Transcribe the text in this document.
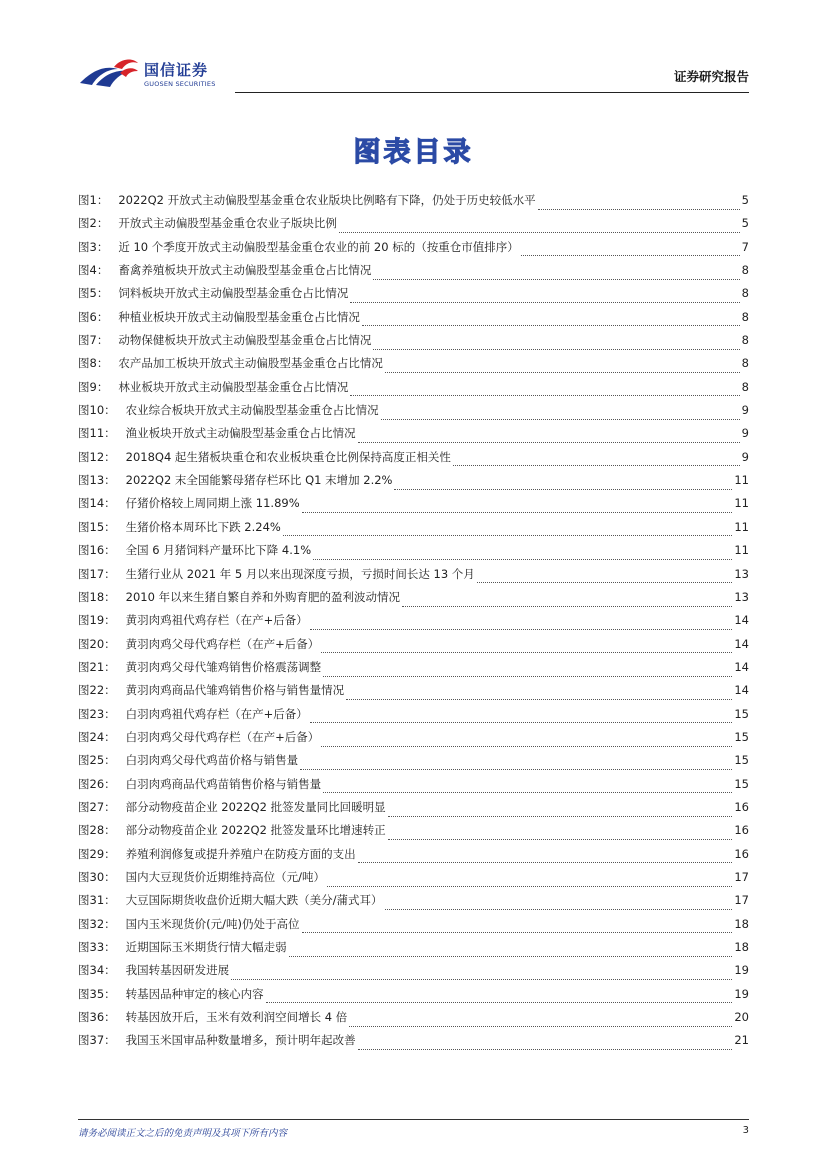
国信证券
GUOSEN SECURITIES	证券研究报告
图表目录
图1： 2022Q2 开放式主动偏股型基金重仓农业版块比例略有下降，仍处于历史较低水平	5
图2： 开放式主动偏股型基金重仓农业子版块比例	5
图3： 近 10 个季度开放式主动偏股型基金重仓农业的前 20 标的（按重仓市值排序）	7
图4： 畜禽养殖板块开放式主动偏股型基金重仓占比情况	8
图5： 饲料板块开放式主动偏股型基金重仓占比情况	8
图6： 种植业板块开放式主动偏股型基金重仓占比情况	8
图7： 动物保健板块开放式主动偏股型基金重仓占比情况	8
图8： 农产品加工板块开放式主动偏股型基金重仓占比情况	8
图9： 林业板块开放式主动偏股型基金重仓占比情况	8
图10： 农业综合板块开放式主动偏股型基金重仓占比情况	9
图11： 渔业板块开放式主动偏股型基金重仓占比情况	9
图12： 2018Q4 起生猪板块重仓和农业板块重仓比例保持高度正相关性	9
图13： 2022Q2 末全国能繁母猪存栏环比 Q1 末增加 2.2%	11
图14： 仔猪价格较上周同期上涨 11.89%	11
图15： 生猪价格本周环比下跌 2.24%	11
图16： 全国 6 月猪饲料产量环比下降 4.1%	11
图17： 生猪行业从 2021 年 5 月以来出现深度亏损，亏损时间长达 13 个月	13
图18： 2010 年以来生猪自繁自养和外购育肥的盈利波动情况	13
图19： 黄羽肉鸡祖代鸡存栏（在产+后备）	14
图20： 黄羽肉鸡父母代鸡存栏（在产+后备）	14
图21： 黄羽肉鸡父母代雏鸡销售价格震荡调整	14
图22： 黄羽肉鸡商品代雏鸡销售价格与销售量情况	14
图23： 白羽肉鸡祖代鸡存栏（在产+后备）	15
图24： 白羽肉鸡父母代鸡存栏（在产+后备）	15
图25： 白羽肉鸡父母代鸡苗价格与销售量	15
图26： 白羽肉鸡商品代鸡苗销售价格与销售量	15
图27： 部分动物疫苗企业 2022Q2 批签发量同比回暖明显	16
图28： 部分动物疫苗企业 2022Q2 批签发量环比增速转正	16
图29： 养殖利润修复或提升养殖户在防疫方面的支出	16
图30： 国内大豆现货价近期维持高位（元/吨）	17
图31： 大豆国际期货收盘价近期大幅大跌（美分/蒲式耳）	17
图32： 国内玉米现货价(元/吨)仍处于高位	18
图33： 近期国际玉米期货行情大幅走弱	18
图34： 我国转基因研发进展	19
图35： 转基因品种审定的核心内容	19
图36： 转基因放开后，玉米有效利润空间增长 4 倍	20
图37： 我国玉米国审品种数量增多，预计明年起改善	21
请务必阅读正文之后的免责声明及其项下所有内容	3
